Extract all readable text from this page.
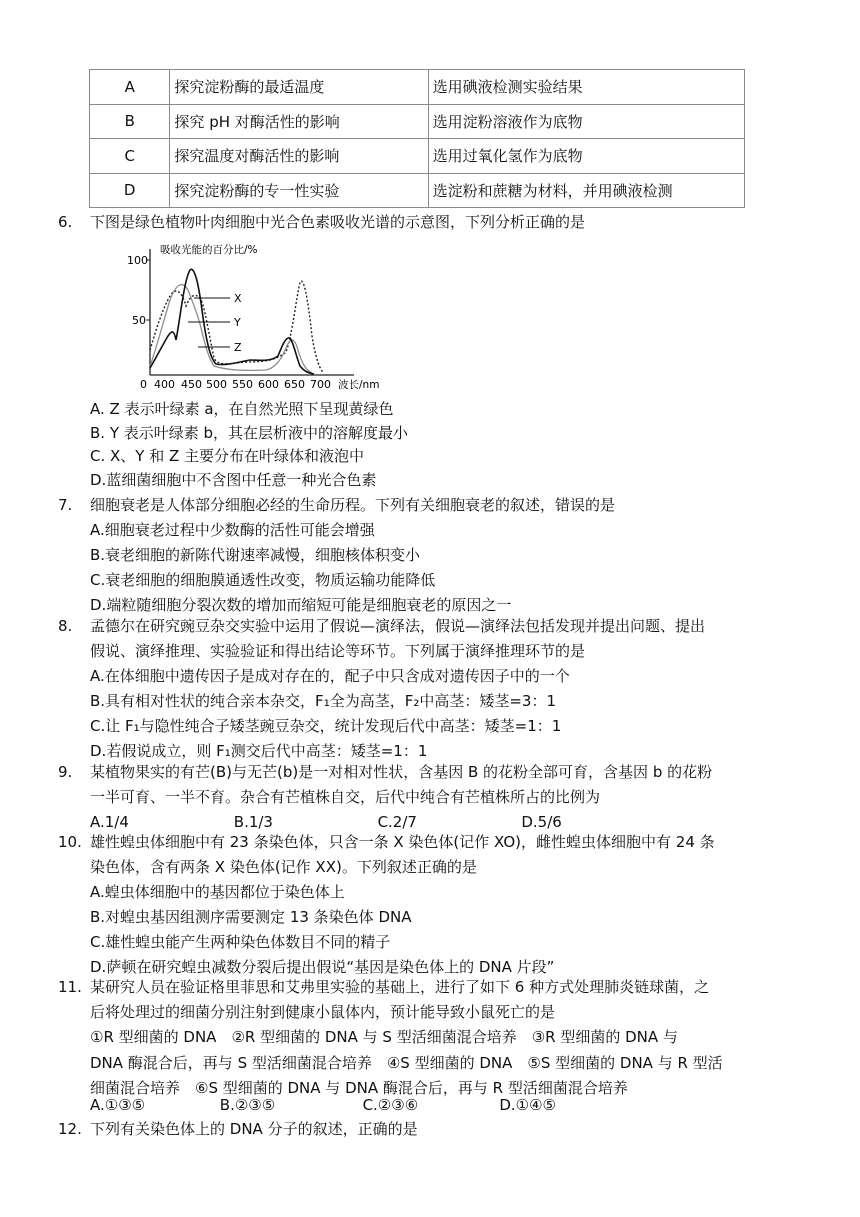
A	探究淀粉酶的最适温度	选用碘液检测实验结果
B	探究 pH 对酶活性的影响	选用淀粉溶液作为底物
C	探究温度对酶活性的影响	选用过氧化氢作为底物
D	探究淀粉酶的专一性实验	选淀粉和蔗糖为材料，并用碘液检测
6.	下图是绿色植物叶肉细胞中光合色素吸收光谱的示意图，下列分析正确的是
100
50
吸收光能的百分比/%
波长/nm
0 400 450 500 550 600 650 700
X
Y
Z
A. Z 表示叶绿素 a，在自然光照下呈现黄绿色
B. Y 表示叶绿素 b，其在层析液中的溶解度最小
C. X、Y 和 Z 主要分布在叶绿体和液泡中
D.蓝细菌细胞中不含图中任意一种光合色素
7.	细胞衰老是人体部分细胞必经的生命历程。下列有关细胞衰老的叙述，错误的是
A.细胞衰老过程中少数酶的活性可能会增强
B.衰老细胞的新陈代谢速率减慢，细胞核体积变小
C.衰老细胞的细胞膜通透性改变，物质运输功能降低
D.端粒随细胞分裂次数的增加而缩短可能是细胞衰老的原因之一
8.	孟德尔在研究豌豆杂交实验中运用了假说—演绎法，假说—演绎法包括发现并提出问题、提出
假说、演绎推理、实验验证和得出结论等环节。下列属于演绎推理环节的是
A.在体细胞中遗传因子是成对存在的，配子中只含成对遗传因子中的一个
B.具有相对性状的纯合亲本杂交，F₁全为高茎，F₂中高茎：矮茎=3：1
C.让 F₁与隐性纯合子矮茎豌豆杂交，统计发现后代中高茎：矮茎=1：1
D.若假说成立，则 F₁测交后代中高茎：矮茎=1：1
9.	某植物果实的有芒(B)与无芒(b)是一对相对性状，含基因 B 的花粉全部可育，含基因 b 的花粉
一半可育、一半不育。杂合有芒植株自交，后代中纯合有芒植株所占的比例为
A.1/4	B.1/3	C.2/7	D.5/6
10. 雄性蝗虫体细胞中有 23 条染色体，只含一条 X 染色体(记作 XO)，雌性蝗虫体细胞中有 24 条
染色体，含有两条 X 染色体(记作 XX)。下列叙述正确的是
A.蝗虫体细胞中的基因都位于染色体上
B.对蝗虫基因组测序需要测定 13 条染色体 DNA
C.雄性蝗虫能产生两种染色体数目不同的精子
D.萨顿在研究蝗虫减数分裂后提出假说“基因是染色体上的 DNA 片段”
11. 某研究人员在验证格里菲思和艾弗里实验的基础上，进行了如下 6 种方式处理肺炎链球菌，之
后将处理过的细菌分别注射到健康小鼠体内，预计能导致小鼠死亡的是
①R 型细菌的 DNA　②R 型细菌的 DNA 与 S 型活细菌混合培养　③R 型细菌的 DNA 与
DNA 酶混合后，再与 S 型活细菌混合培养　④S 型细菌的 DNA　⑤S 型细菌的 DNA 与 R 型活
细菌混合培养　⑥S 型细菌的 DNA 与 DNA 酶混合后，再与 R 型活细菌混合培养
A.①③⑤	B.②③⑤	C.②③⑥	D.①④⑤
12. 下列有关染色体上的 DNA 分子的叙述，正确的是
